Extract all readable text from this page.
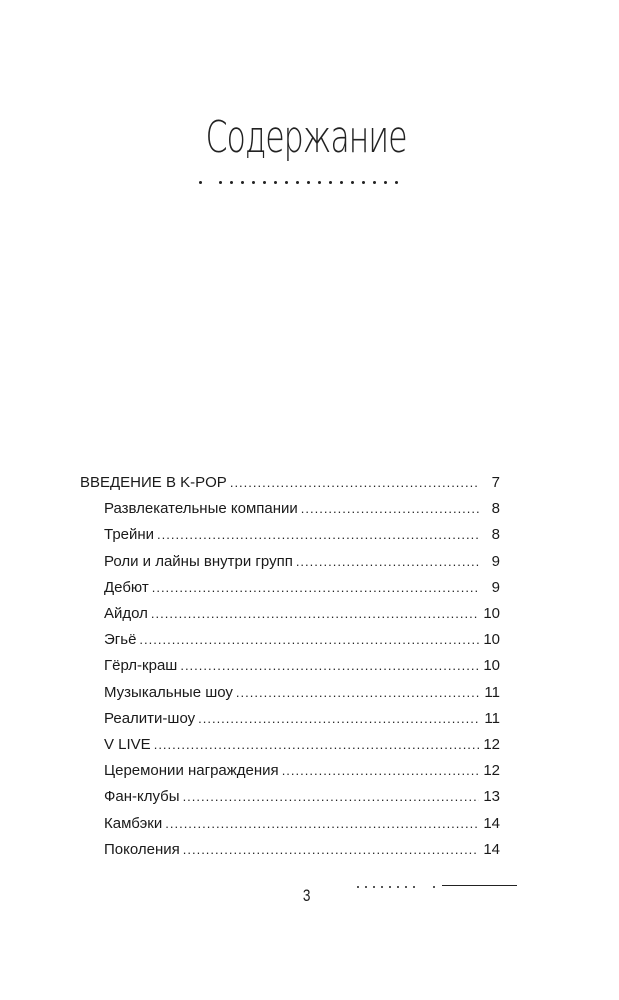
Содержание
ВВЕДЕНИЕ В K-POP .....	7
Развлекательные компании .....	8
Трейни .....	8
Роли и лайны внутри групп .....	9
Дебют .....	9
Айдол .....	10
Эгьё .....	10
Гёрл-краш .....	10
Музыкальные шоу .....	11
Реалити-шоу .....	11
V LIVE .....	12
Церемонии награждения .....	12
Фан-клубы .....	13
Камбэки .....	14
Поколения .....	14
3
